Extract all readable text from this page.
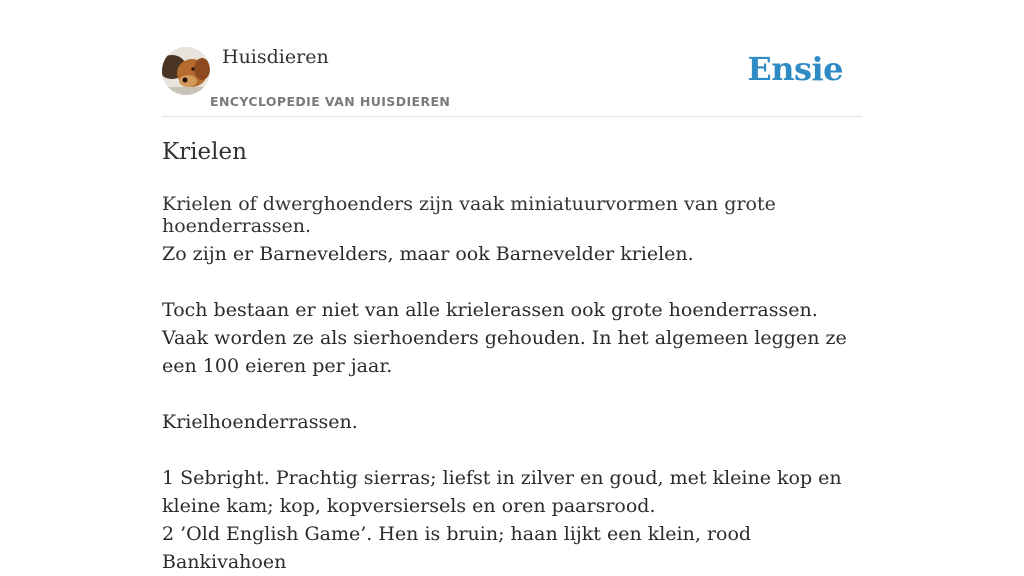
Huisdieren
ENCYCLOPEDIE VAN HUISDIEREN
Ensie
Krielen

Krielen of dwerghoenders zijn vaak miniatuurvormen van grote hoenderrassen.

Zo zijn er Barnevelders, maar ook Barnevelder krielen.

Toch bestaan er niet van alle krielerassen ook grote hoenderrassen. Vaak worden ze als sierhoenders gehouden. In het algemeen leggen ze een 100 eieren per jaar.

Krielhoenderrassen.

1 Sebright. Prachtig sierras; liefst in zilver en goud, met kleine kop en kleine kam; kop, kopversiersels en oren paarsrood.
2 ’Old English Game’. Hen is bruin; haan lijkt een klein, rood Bankivahoen
